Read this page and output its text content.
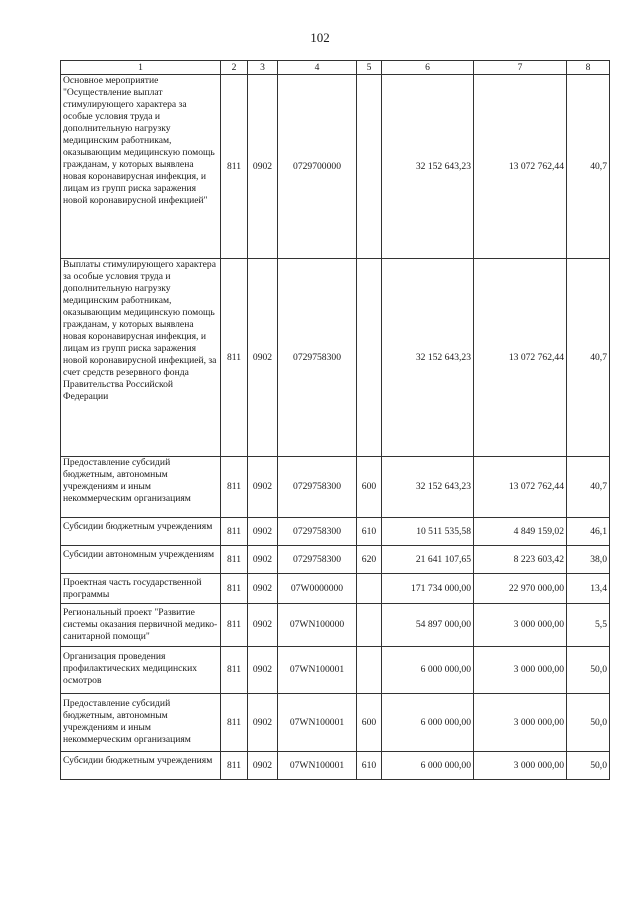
102
1	2	3	4	5	6	7	8
Основное мероприятие "Осуществление выплат стимулирующего характера за особые условия труда и дополнительную нагрузку медицинским работникам, оказывающим медицинскую помощь гражданам, у которых выявлена новая коронавирусная инфекция, и лицам из групп риска заражения новой коронавирусной инфекцией"	811	0902	0729700000		32 152 643,23	13 072 762,44	40,7
Выплаты стимулирующего характера за особые условия труда и дополнительную нагрузку медицинским работникам, оказывающим медицинскую помощь гражданам, у которых выявлена новая коронавирусная инфекция, и лицам из групп риска заражения новой коронавирусной инфекцией, за счет средств резервного фонда Правительства Российской Федерации	811	0902	0729758300		32 152 643,23	13 072 762,44	40,7
Предоставление субсидий бюджетным, автономным учреждениям и иным некоммерческим организациям	811	0902	0729758300	600	32 152 643,23	13 072 762,44	40,7
Субсидии бюджетным учреждениям	811	0902	0729758300	610	10 511 535,58	4 849 159,02	46,1
Субсидии автономным учреждениям	811	0902	0729758300	620	21 641 107,65	8 223 603,42	38,0
Проектная часть государственной программы	811	0902	07W0000000		171 734 000,00	22 970 000,00	13,4
Региональный проект "Развитие системы оказания первичной медико-санитарной помощи"	811	0902	07WN100000		54 897 000,00	3 000 000,00	5,5
Организация проведения профилактических медицинских осмотров	811	0902	07WN100001		6 000 000,00	3 000 000,00	50,0
Предоставление субсидий бюджетным, автономным учреждениям и иным некоммерческим организациям	811	0902	07WN100001	600	6 000 000,00	3 000 000,00	50,0
Субсидии бюджетным учреждениям	811	0902	07WN100001	610	6 000 000,00	3 000 000,00	50,0
